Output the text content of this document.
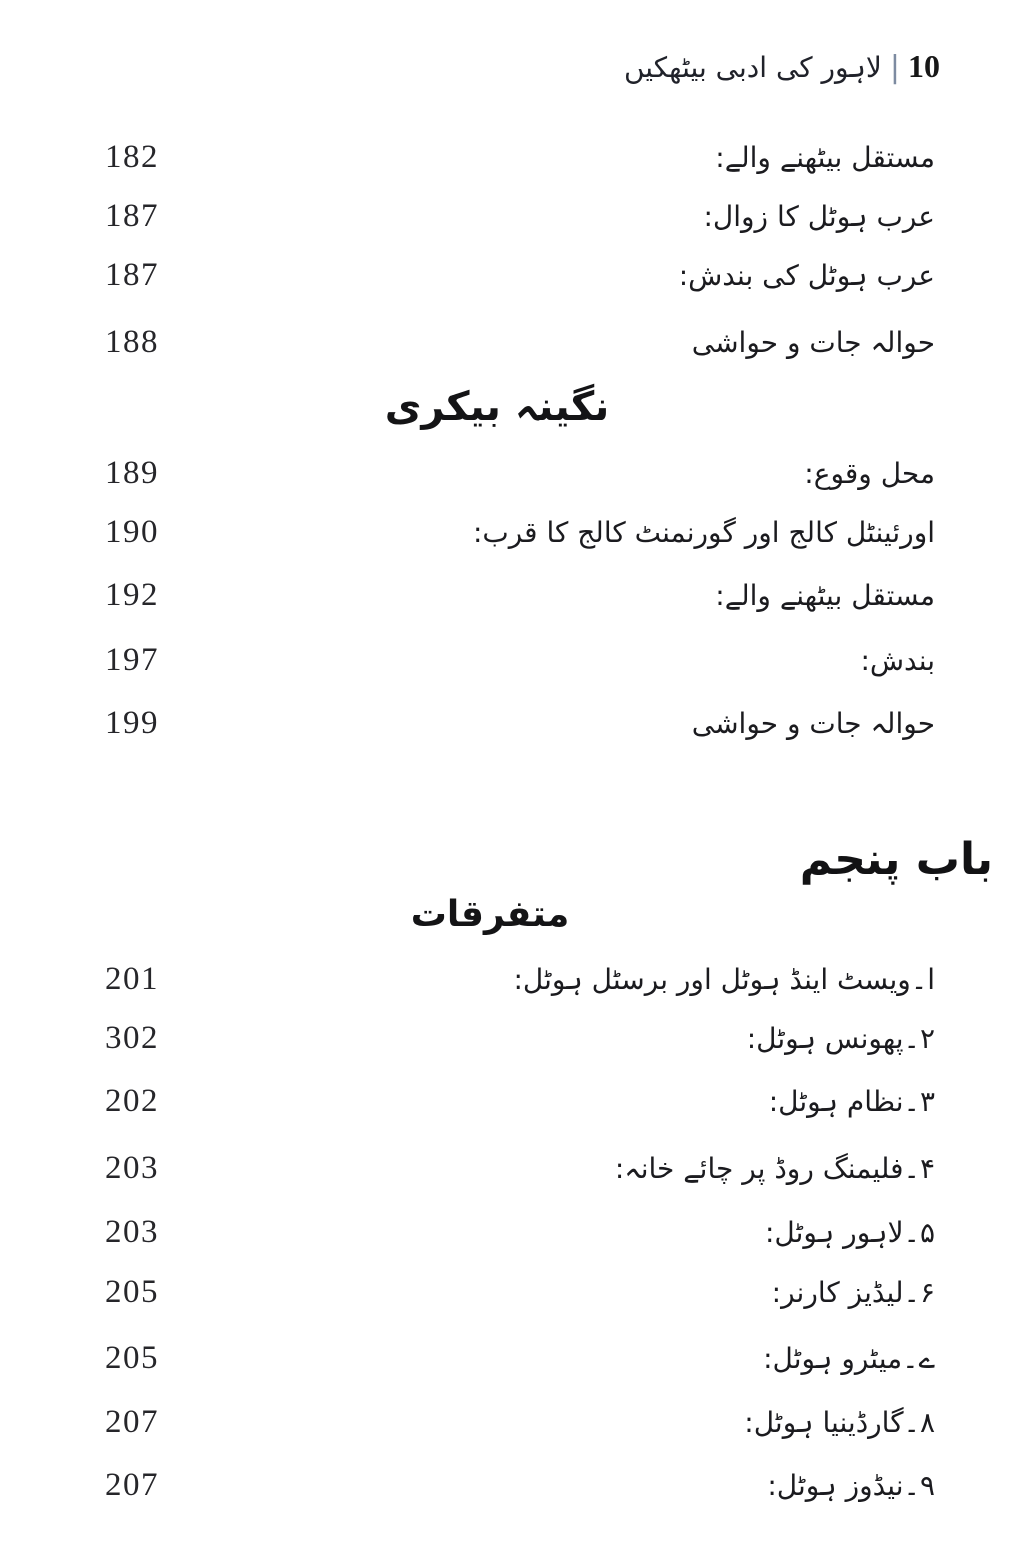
10|لاہور کی ادبی بیٹھکیں
182	مستقل بیٹھنے والے:
187	عرب ہوٹل کا زوال:
187	عرب ہوٹل کی بندش:
188	حوالہ جات و حواشی
نگینہ بیکری
189	محل وقوع:
190	اورئینٹل کالج اور گورنمنٹ کالج کا قرب:
192	مستقل بیٹھنے والے:
197	بندش:
199	حوالہ جات و حواشی
باب پنجم
متفرقات
201	ا۔ویسٹ اینڈ ہوٹل اور برسٹل ہوٹل:
302	۲۔پھونس ہوٹل:
202	۳۔نظام ہوٹل:
203	۴۔فلیمنگ روڈ پر چائے خانہ:
203	۵۔لاہور ہوٹل:
205	۶۔لیڈیز کارنر:
205	ے۔میٹرو ہوٹل:
207	۸۔گارڈینیا ہوٹل:
207	۹۔نیڈوز ہوٹل:
